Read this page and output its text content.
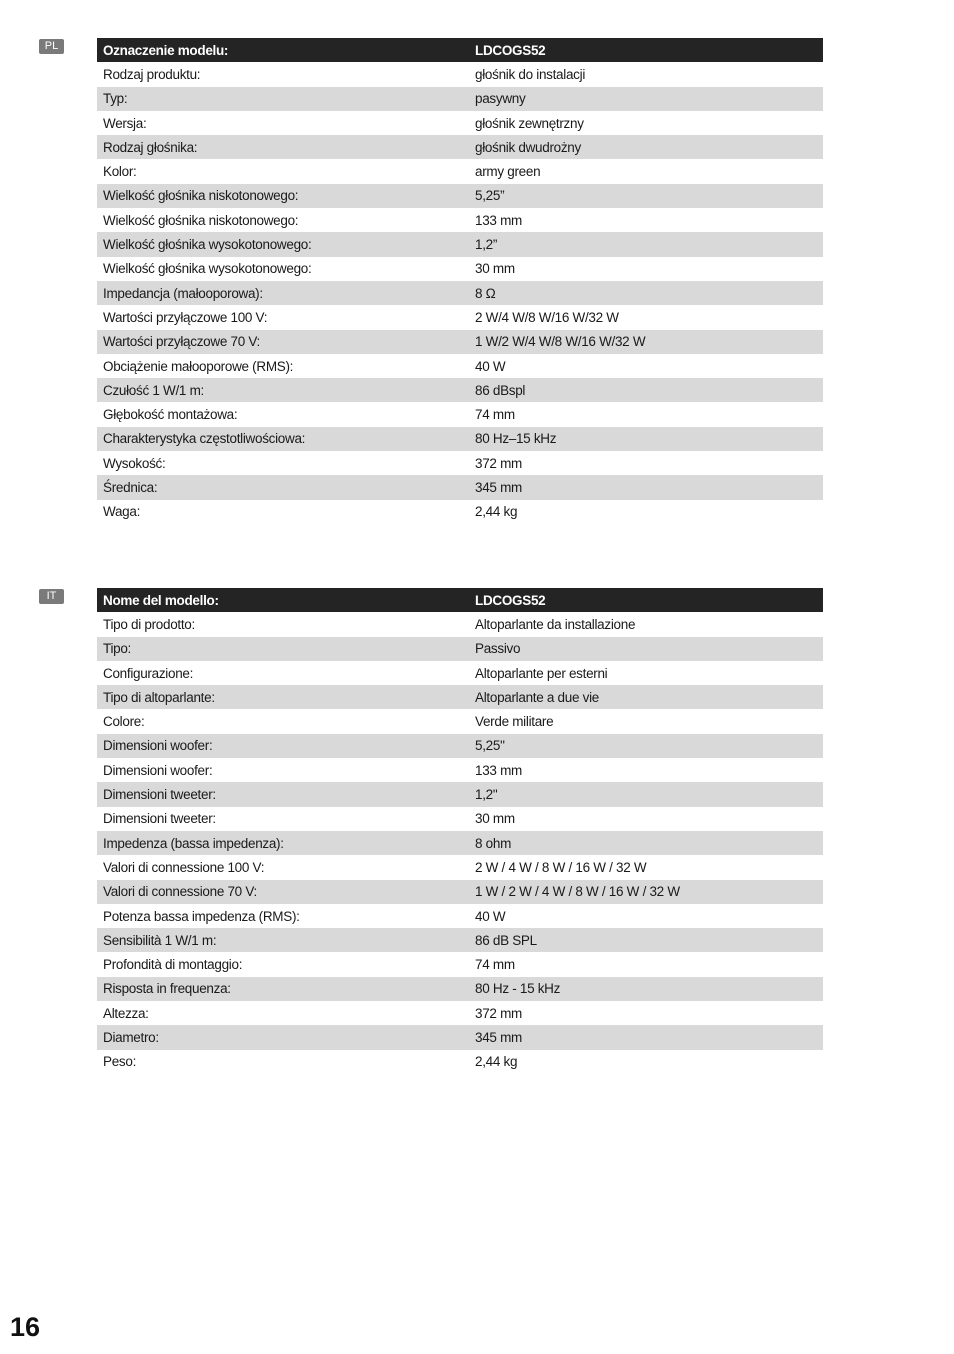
PL	Oznaczenie modelu:	LDCOGS52
Rodzaj produktu:	głośnik do instalacji
Typ:	pasywny
Wersja:	głośnik zewnętrzny
Rodzaj głośnika:	głośnik dwudrożny
Kolor:	army green
Wielkość głośnika niskotonowego:	5,25”
Wielkość głośnika niskotonowego:	133 mm
Wielkość głośnika wysokotonowego:	1,2”
Wielkość głośnika wysokotonowego:	30 mm
Impedancja (małooporowa):	8 Ω
Wartości przyłączowe 100 V:	2 W/4 W/8 W/16 W/32 W
Wartości przyłączowe 70 V:	1 W/2 W/4 W/8 W/16 W/32 W
Obciążenie małooporowe (RMS):	40 W
Czułość 1 W/1 m:	86 dBspl
Głębokość montażowa:	74 mm
Charakterystyka częstotliwościowa:	80 Hz–15 kHz
Wysokość:	372 mm
Średnica:	345 mm
Waga:	2,44 kg
IT	Nome del modello:	LDCOGS52
Tipo di prodotto:	Altoparlante da installazione
Tipo:	Passivo
Configurazione:	Altoparlante per esterni
Tipo di altoparlante:	Altoparlante a due vie
Colore:	Verde militare
Dimensioni woofer:	5,25"
Dimensioni woofer:	133 mm
Dimensioni tweeter:	1,2"
Dimensioni tweeter:	30 mm
Impedenza (bassa impedenza):	8 ohm
Valori di connessione 100 V:	2 W / 4 W / 8 W / 16 W / 32 W
Valori di connessione 70 V:	1 W / 2 W / 4 W / 8 W / 16 W / 32 W
Potenza bassa impedenza (RMS):	40 W
Sensibilità 1 W/1 m:	86 dB SPL
Profondità di montaggio:	74 mm
Risposta in frequenza:	80 Hz - 15 kHz
Altezza:	372 mm
Diametro:	345 mm
Peso:	2,44 kg
16
